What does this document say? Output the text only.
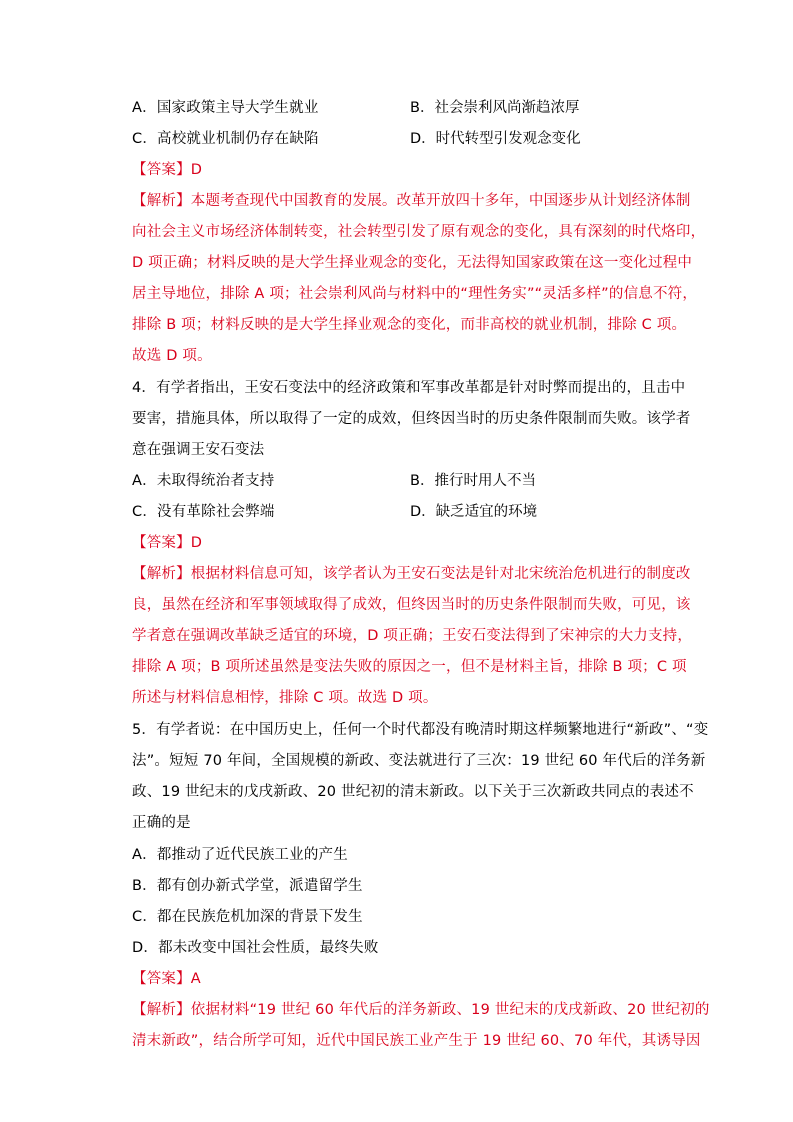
A．国家政策主导大学生就业	B．社会崇利风尚渐趋浓厚
C．高校就业机制仍存在缺陷	D．时代转型引发观念变化
【答案】D
【解析】本题考查现代中国教育的发展。改革开放四十多年，中国逐步从计划经济体制
向社会主义市场经济体制转变，社会转型引发了原有观念的变化，具有深刻的时代烙印，
D 项正确；材料反映的是大学生择业观念的变化，无法得知国家政策在这一变化过程中
居主导地位，排除 A 项；社会崇利风尚与材料中的“理性务实”“灵活多样”的信息不符，
排除 B 项；材料反映的是大学生择业观念的变化，而非高校的就业机制，排除 C 项。
故选 D 项。
4．有学者指出，王安石变法中的经济政策和军事改革都是针对时弊而提出的，且击中
要害，措施具体，所以取得了一定的成效，但终因当时的历史条件限制而失败。该学者
意在强调王安石变法
A．未取得统治者支持	B．推行时用人不当
C．没有革除社会弊端	D．缺乏适宜的环境
【答案】D
【解析】根据材料信息可知，该学者认为王安石变法是针对北宋统治危机进行的制度改
良，虽然在经济和军事领域取得了成效，但终因当时的历史条件限制而失败，可见，该
学者意在强调改革缺乏适宜的环境，D 项正确；王安石变法得到了宋神宗的大力支持，
排除 A 项；B 项所述虽然是变法失败的原因之一，但不是材料主旨，排除 B 项；C 项
所述与材料信息相悖，排除 C 项。故选 D 项。
5．有学者说：在中国历史上，任何一个时代都没有晚清时期这样频繁地进行“新政”、“变
法”。短短 70 年间，全国规模的新政、变法就进行了三次：19 世纪 60 年代后的洋务新
政、19 世纪末的戊戌新政、20 世纪初的清末新政。以下关于三次新政共同点的表述不
正确的是
A．都推动了近代民族工业的产生
B．都有创办新式学堂，派遣留学生
C．都在民族危机加深的背景下发生
D．都未改变中国社会性质，最终失败
【答案】A
【解析】依据材料“19 世纪 60 年代后的洋务新政、19 世纪末的戊戌新政、20 世纪初的
清末新政”，结合所学可知，近代中国民族工业产生于 19 世纪 60、70 年代，其诱导因
